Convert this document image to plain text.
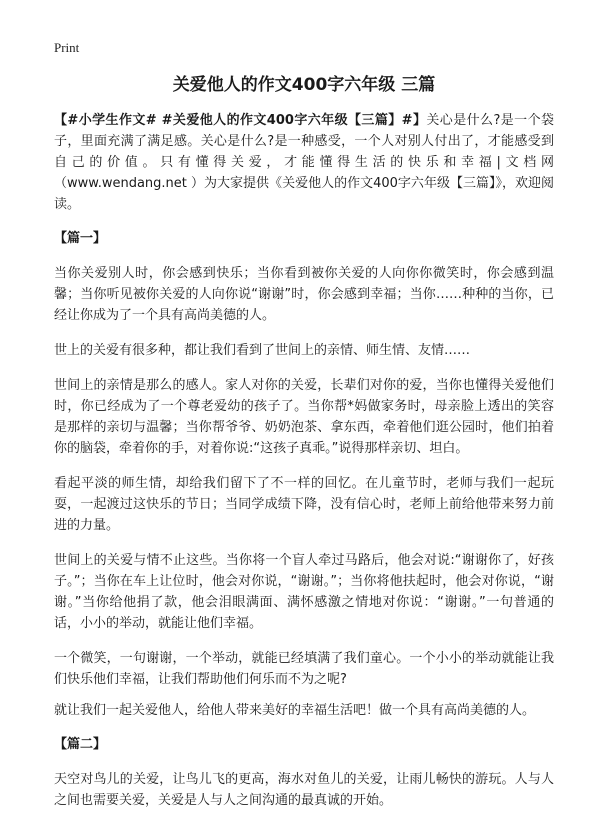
Print
关爱他人的作文400字六年级 三篇

【#小学生作文# #关爱他人的作文400字六年级【三篇】#】关心是什么?是一个袋子，里面充满了满足感。关心是什么?是一种感受，一个人对别人付出了，才能感受到自己的价值。只有懂得关爱，才能懂得生活的快乐和幸福|文档网（www.wendang.net ）为大家提供《关爱他人的作文400字六年级【三篇】》，欢迎阅读。

【篇一】

当你关爱别人时，你会感到快乐；当你看到被你关爱的人向你你微笑时，你会感到温馨；当你听见被你关爱的人向你说“谢谢”时，你会感到幸福；当你……种种的当你，已经让你成为了一个具有高尚美德的人。

世上的关爱有很多种，都让我们看到了世间上的亲情、师生情、友情……

世间上的亲情是那么的感人。家人对你的关爱，长辈们对你的爱，当你也懂得关爱他们时，你已经成为了一个尊老爱幼的孩子了。当你帮*妈做家务时，母亲脸上透出的笑容是那样的亲切与温馨；当你帮爷爷、奶奶泡茶、拿东西，牵着他们逛公园时，他们拍着你的脑袋，牵着你的手，对着你说:“这孩子真乖。”说得那样亲切、坦白。

看起平淡的师生情，却给我们留下了不一样的回忆。在儿童节时，老师与我们一起玩耍，一起渡过这快乐的节日；当同学成绩下降，没有信心时，老师上前给他带来努力前进的力量。

世间上的关爱与情不止这些。当你将一个盲人牵过马路后，他会对说:“谢谢你了，好孩子。”；当你在车上让位时，他会对你说，“谢谢。”；当你将他扶起时，他会对你说，“谢谢。”当你给他捐了款，他会泪眼满面、满怀感激之情地对你说：“谢谢。”一句普通的话，小小的举动，就能让他们幸福。

一个微笑，一句谢谢，一个举动，就能已经填满了我们童心。一个小小的举动就能让我们快乐他们幸福，让我们帮助他们何乐而不为之呢?

就让我们一起关爱他人，给他人带来美好的幸福生活吧！做一个具有高尚美德的人。

【篇二】

天空对鸟儿的关爱，让鸟儿飞的更高，海水对鱼儿的关爱，让雨儿畅快的游玩。人与人之间也需要关爱，关爱是人与人之间沟通的最真诚的开始。
